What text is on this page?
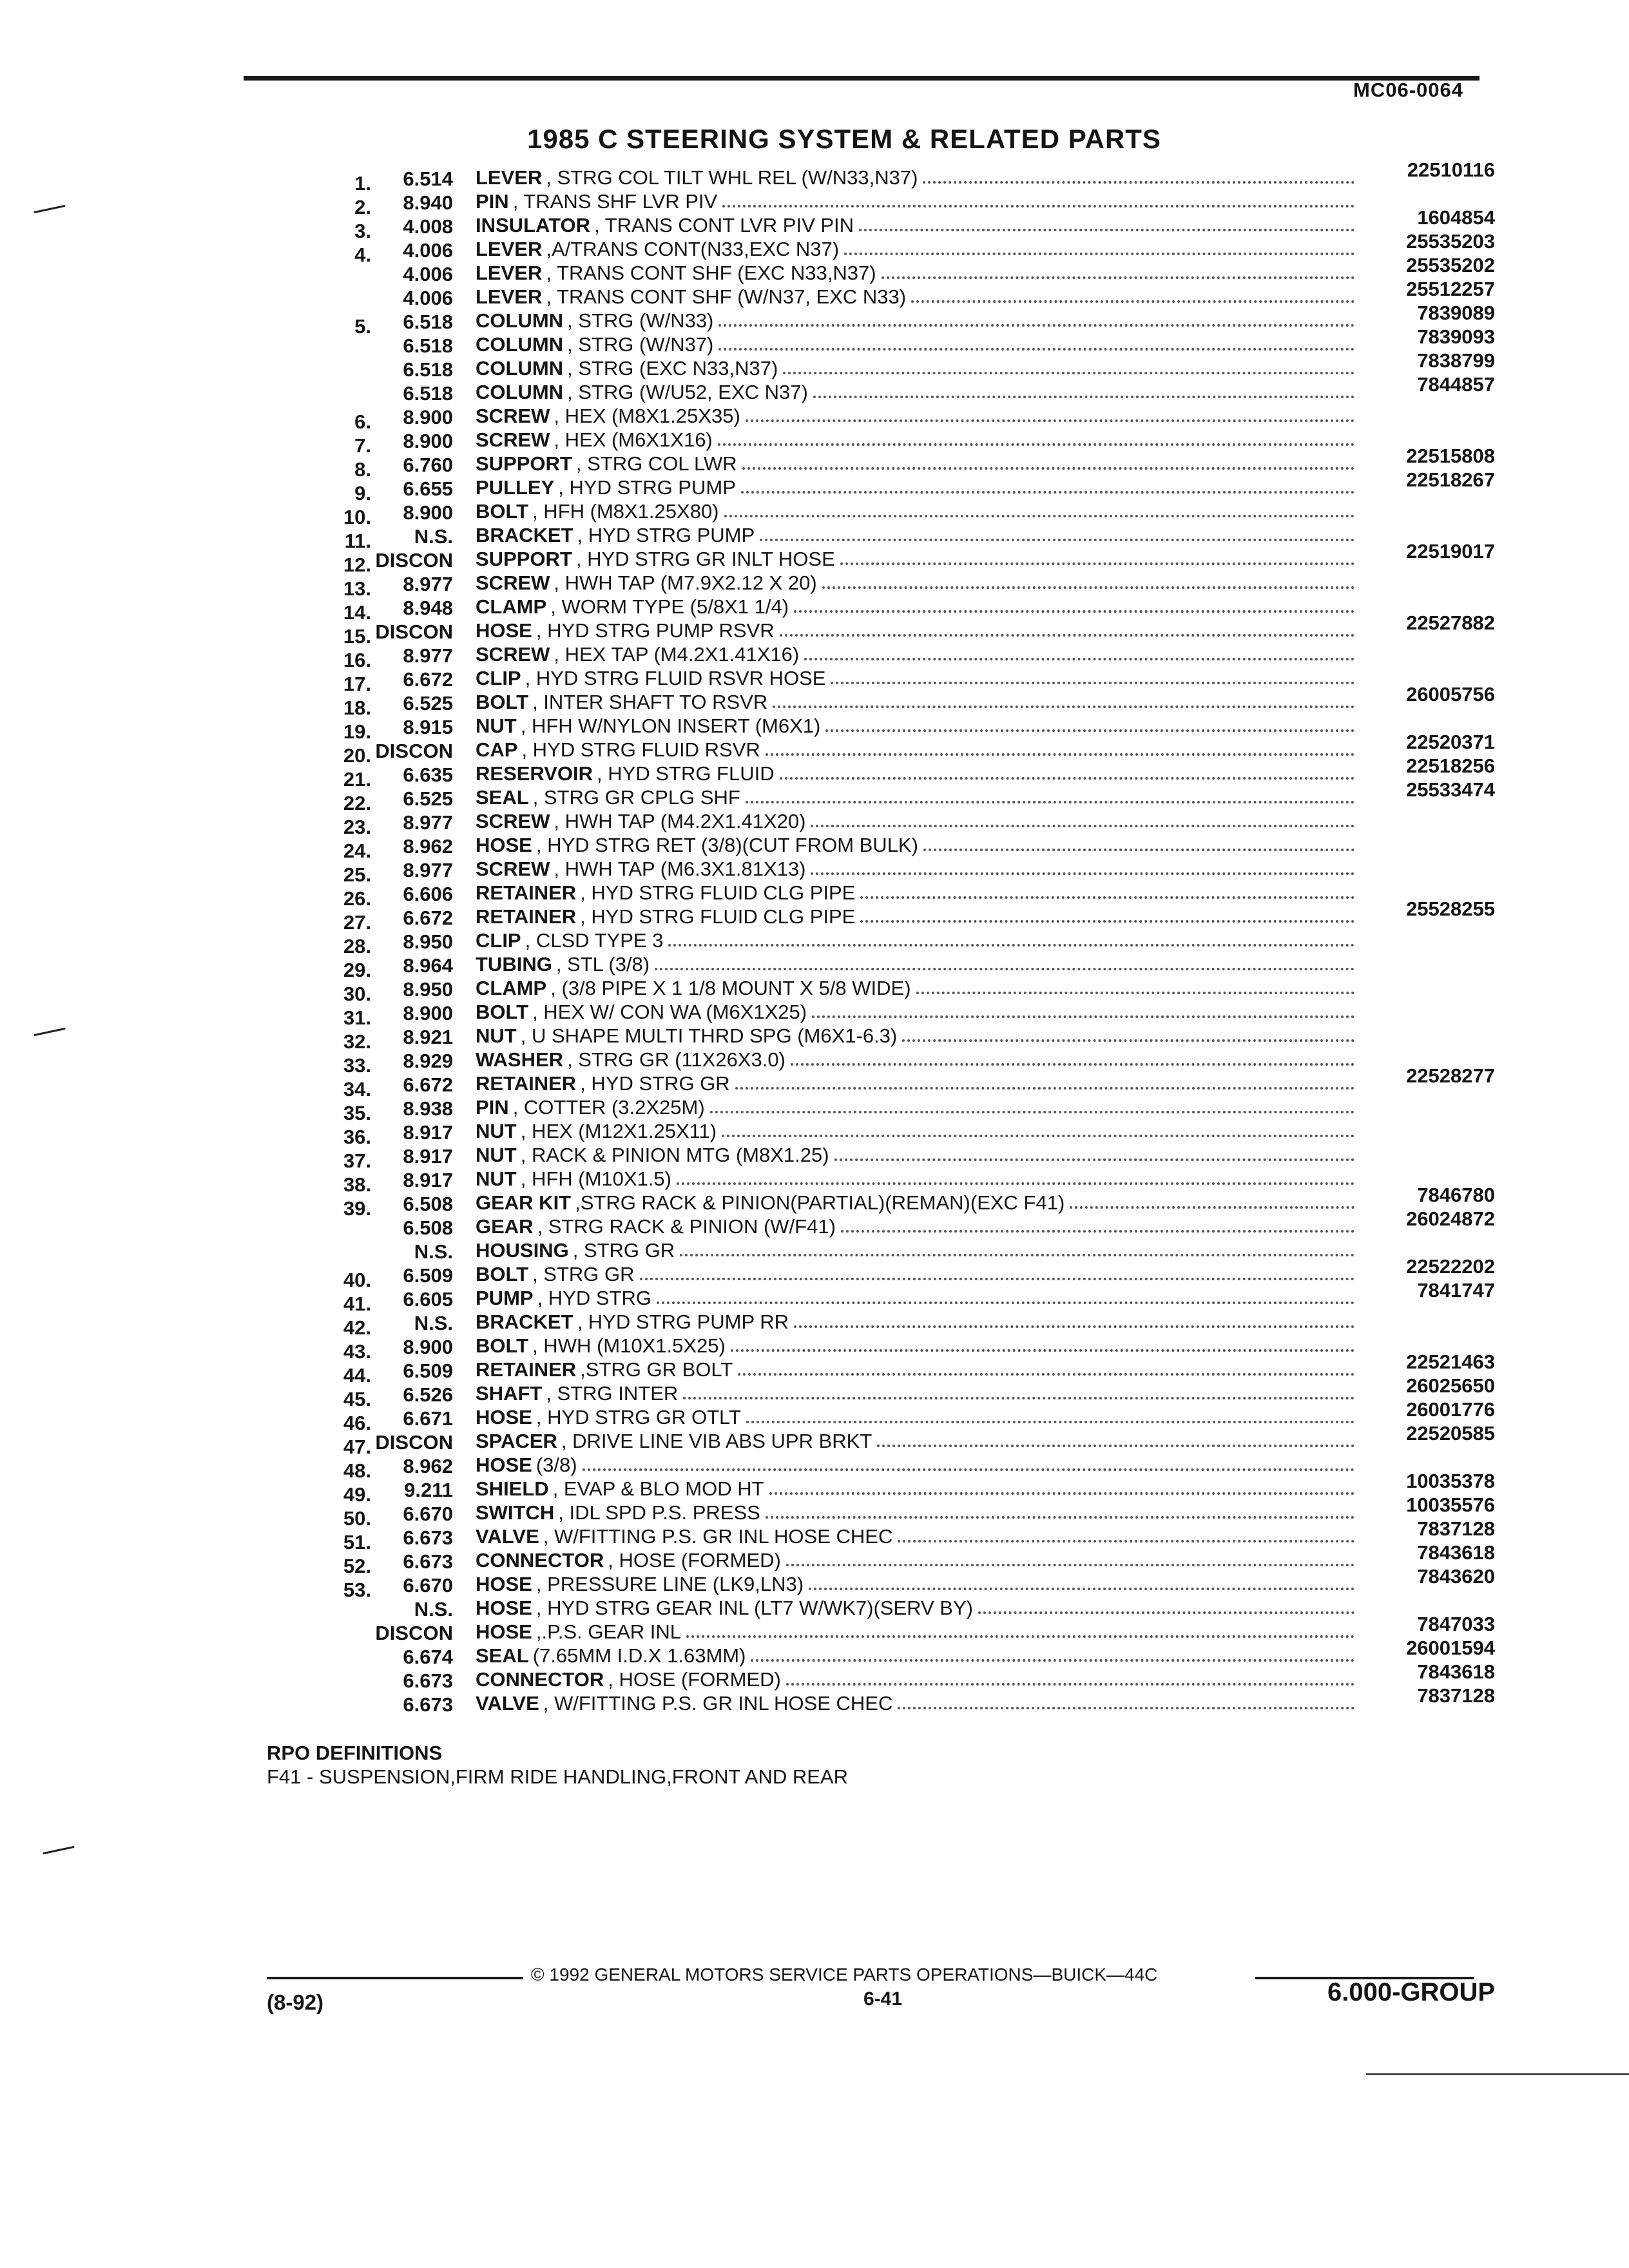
MC06-0064
1985 C STEERING SYSTEM & RELATED PARTS
1. 6.514 LEVER , STRG COL TILT WHL REL (W/N33,N37)	22510116
2. 8.940 PIN , TRANS SHF LVR PIV
3. 4.008 INSULATOR , TRANS CONT LVR PIV PIN	1604854
4. 4.006 LEVER ,A/TRANS CONT(N33,EXC N37)	25535203
4.006 LEVER , TRANS CONT SHF (EXC N33,N37)	25535202
4.006 LEVER , TRANS CONT SHF (W/N37, EXC N33)	25512257
5. 6.518 COLUMN , STRG (W/N33)	7839089
6.518 COLUMN , STRG (W/N37)	7839093
6.518 COLUMN , STRG (EXC N33,N37)	7838799
6.518 COLUMN , STRG (W/U52, EXC N37)	7844857
6. 8.900 SCREW , HEX (M8X1.25X35)
7. 8.900 SCREW , HEX (M6X1X16)
8. 6.760 SUPPORT , STRG COL LWR	22515808
9. 6.655 PULLEY , HYD STRG PUMP	22518267
10. 8.900 BOLT , HFH (M8X1.25X80)
11. N.S. BRACKET , HYD STRG PUMP
12. DISCON SUPPORT , HYD STRG GR INLT HOSE	22519017
13. 8.977 SCREW , HWH TAP (M7.9X2.12 X 20)
14. 8.948 CLAMP , WORM TYPE (5/8X1 1/4)
15. DISCON HOSE , HYD STRG PUMP RSVR	22527882
16. 8.977 SCREW , HEX TAP (M4.2X1.41X16)
17. 6.672 CLIP , HYD STRG FLUID RSVR HOSE
18. 6.525 BOLT , INTER SHAFT TO RSVR	26005756
19. 8.915 NUT , HFH W/NYLON INSERT (M6X1)
20. DISCON CAP , HYD STRG FLUID RSVR	22520371
21. 6.635 RESERVOIR , HYD STRG FLUID	22518256
22. 6.525 SEAL , STRG GR CPLG SHF	25533474
23. 8.977 SCREW , HWH TAP (M4.2X1.41X20)
24. 8.962 HOSE , HYD STRG RET (3/8)(CUT FROM BULK)
25. 8.977 SCREW , HWH TAP (M6.3X1.81X13)
26. 6.606 RETAINER , HYD STRG FLUID CLG PIPE
27. 6.672 RETAINER , HYD STRG FLUID CLG PIPE	25528255
28. 8.950 CLIP , CLSD TYPE 3
29. 8.964 TUBING , STL (3/8)
30. 8.950 CLAMP , (3/8 PIPE X 1 1/8 MOUNT X 5/8 WIDE)
31. 8.900 BOLT , HEX W/ CON WA (M6X1X25)
32. 8.921 NUT , U SHAPE MULTI THRD SPG (M6X1-6.3)
33. 8.929 WASHER , STRG GR (11X26X3.0)
34. 6.672 RETAINER , HYD STRG GR	22528277
35. 8.938 PIN , COTTER (3.2X25M)
36. 8.917 NUT , HEX (M12X1.25X11)
37. 8.917 NUT , RACK & PINION MTG (M8X1.25)
38. 8.917 NUT , HFH (M10X1.5)
39. 6.508 GEAR KIT ,STRG RACK & PINION(PARTIAL)(REMAN)(EXC F41)	7846780
6.508 GEAR , STRG RACK & PINION (W/F41)	26024872
N.S. HOUSING , STRG GR
40. 6.509 BOLT , STRG GR	22522202
41. 6.605 PUMP , HYD STRG	7841747
42. N.S. BRACKET , HYD STRG PUMP RR
43. 8.900 BOLT , HWH (M10X1.5X25)
44. 6.509 RETAINER ,STRG GR BOLT	22521463
45. 6.526 SHAFT , STRG INTER	26025650
46. 6.671 HOSE , HYD STRG GR OTLT	26001776
47. DISCON SPACER , DRIVE LINE VIB ABS UPR BRKT	22520585
48. 8.962 HOSE (3/8)
49. 9.211 SHIELD , EVAP & BLO MOD HT	10035378
50. 6.670 SWITCH , IDL SPD P.S. PRESS	10035576
51. 6.673 VALVE , W/FITTING P.S. GR INL HOSE CHEC	7837128
52. 6.673 CONNECTOR , HOSE (FORMED)	7843618
53. 6.670 HOSE , PRESSURE LINE (LK9,LN3)	7843620
N.S. HOSE , HYD STRG GEAR INL (LT7 W/WK7)(SERV BY)
DISCON HOSE ,.P.S. GEAR INL	7847033
6.674 SEAL (7.65MM I.D.X 1.63MM)	26001594
6.673 CONNECTOR , HOSE (FORMED)	7843618
6.673 VALVE , W/FITTING P.S. GR INL HOSE CHEC	7837128
RPO DEFINITIONS
F41 - SUSPENSION,FIRM RIDE HANDLING,FRONT AND REAR
© 1992 GENERAL MOTORS SERVICE PARTS OPERATIONS—BUICK—44C
6-41
(8-92)	6.000-GROUP
